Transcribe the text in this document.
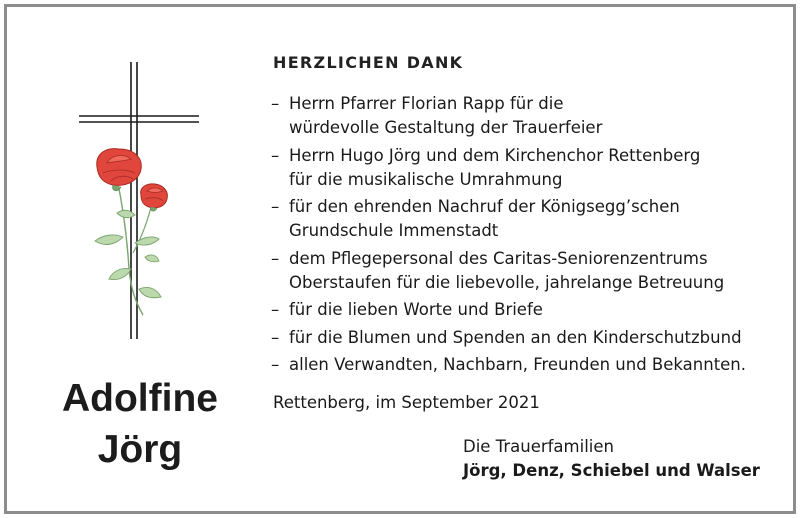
Adolfine
Jörg
HERZLICHEN DANK
– Herrn Pfarrer Florian Rapp für die
würdevolle Gestaltung der Trauerfeier
– Herrn Hugo Jörg und dem Kirchenchor Rettenberg
für die musikalische Umrahmung
– für den ehrenden Nachruf der Königsegg’schen
Grundschule Immenstadt
– dem Pflegepersonal des Caritas-Seniorenzentrums
Oberstaufen für die liebevolle, jahrelange Betreuung
– für die lieben Worte und Briefe
– für die Blumen und Spenden an den Kinderschutzbund
– allen Verwandten, Nachbarn, Freunden und Bekannten.
Rettenberg, im September 2021
Die Trauerfamilien
Jörg, Denz, Schiebel und Walser
